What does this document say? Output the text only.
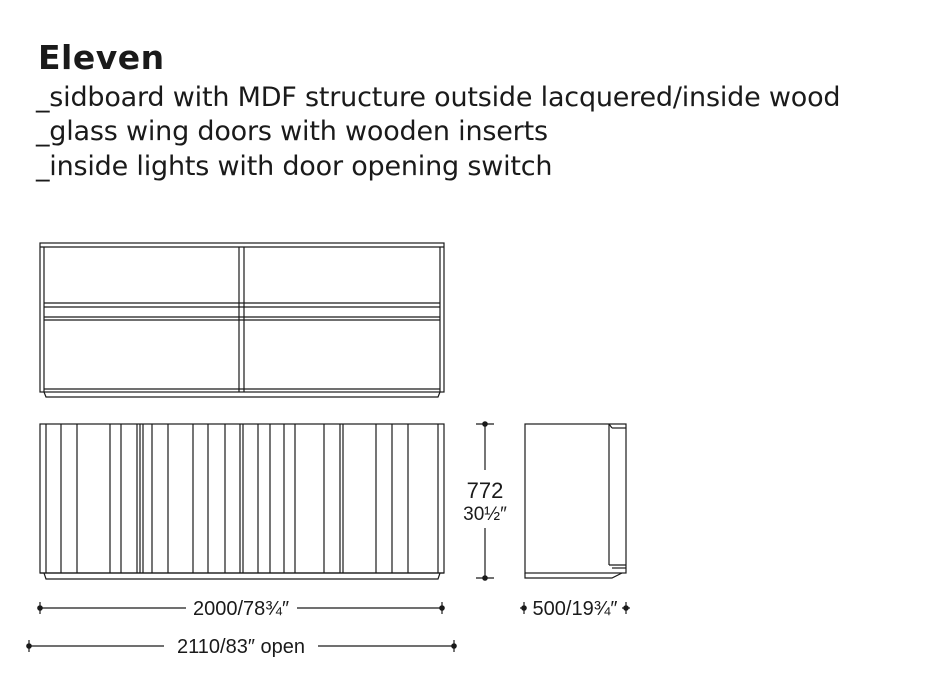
Eleven
_sidboard with MDF structure outside lacquered/inside wood
_glass wing doors with wooden inserts
_inside lights with door opening switch
772
30½″
2000/78¾″
2110/83″ open
500/19¾″
